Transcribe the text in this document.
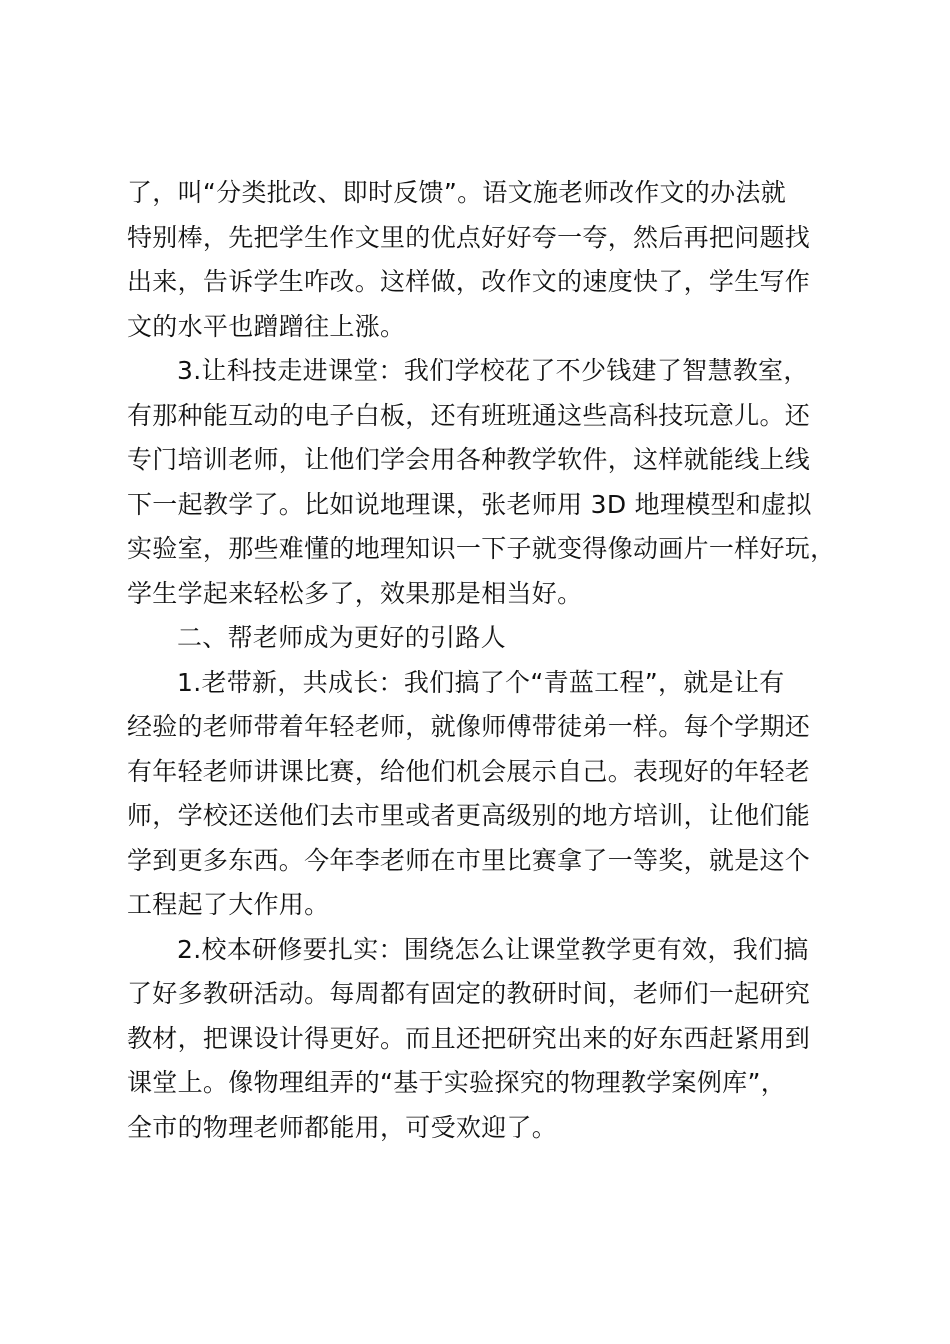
了，叫“分类批改、即时反馈”。语文施老师改作文的办法就
特别棒，先把学生作文里的优点好好夸一夸，然后再把问题找
出来，告诉学生咋改。这样做，改作文的速度快了，学生写作
文的水平也蹭蹭往上涨。
3.让科技走进课堂：我们学校花了不少钱建了智慧教室，
有那种能互动的电子白板，还有班班通这些高科技玩意儿。还
专门培训老师，让他们学会用各种教学软件，这样就能线上线
下一起教学了。比如说地理课，张老师用 3D 地理模型和虚拟
实验室，那些难懂的地理知识一下子就变得像动画片一样好玩，
学生学起来轻松多了，效果那是相当好。
二、帮老师成为更好的引路人
1.老带新，共成长：我们搞了个“青蓝工程”，就是让有
经验的老师带着年轻老师，就像师傅带徒弟一样。每个学期还
有年轻老师讲课比赛，给他们机会展示自己。表现好的年轻老
师，学校还送他们去市里或者更高级别的地方培训，让他们能
学到更多东西。今年李老师在市里比赛拿了一等奖，就是这个
工程起了大作用。
2.校本研修要扎实：围绕怎么让课堂教学更有效，我们搞
了好多教研活动。每周都有固定的教研时间，老师们一起研究
教材，把课设计得更好。而且还把研究出来的好东西赶紧用到
课堂上。像物理组弄的“基于实验探究的物理教学案例库”，
全市的物理老师都能用，可受欢迎了。
